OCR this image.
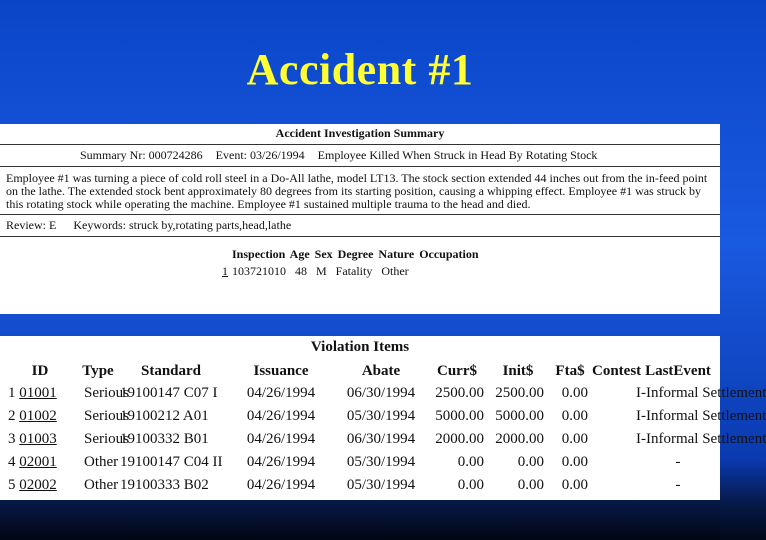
Accident #1
Accident Investigation Summary
Summary Nr: 000724286 Event: 03/26/1994 Employee Killed When Struck in Head By Rotating Stock
Employee #1 was turning a piece of cold roll steel in a Do-All lathe, model LT13. The stock section extended 44 inches out from the in-feed point on the lathe. The extended stock bent approximately 80 degrees from its starting position, causing a whipping effect. Employee #1 was struck by this rotating stock while operating the machine. Employee #1 sustained multiple trauma to the head and died.
Review: E Keywords: struck by,rotating parts,head,lathe
Inspection Age Sex Degree Nature Occupation
1 103721010 48 M Fatality Other
Violation Items
ID	Type	Standard	Issuance	Abate	Curr$	Init$	Fta$	Contest	LastEvent
1 01001	Serious	19100147 C07 I	04/26/1994	06/30/1994	2500.00	2500.00	0.00		I-Informal Settlement
2 01002	Serious	19100212 A01	04/26/1994	05/30/1994	5000.00	5000.00	0.00		I-Informal Settlement
3 01003	Serious	19100332 B01	04/26/1994	06/30/1994	2000.00	2000.00	0.00		I-Informal Settlement
4 02001	Other	19100147 C04 II	04/26/1994	05/30/1994	0.00	0.00	0.00		-
5 02002	Other	19100333 B02	04/26/1994	05/30/1994	0.00	0.00	0.00		-
